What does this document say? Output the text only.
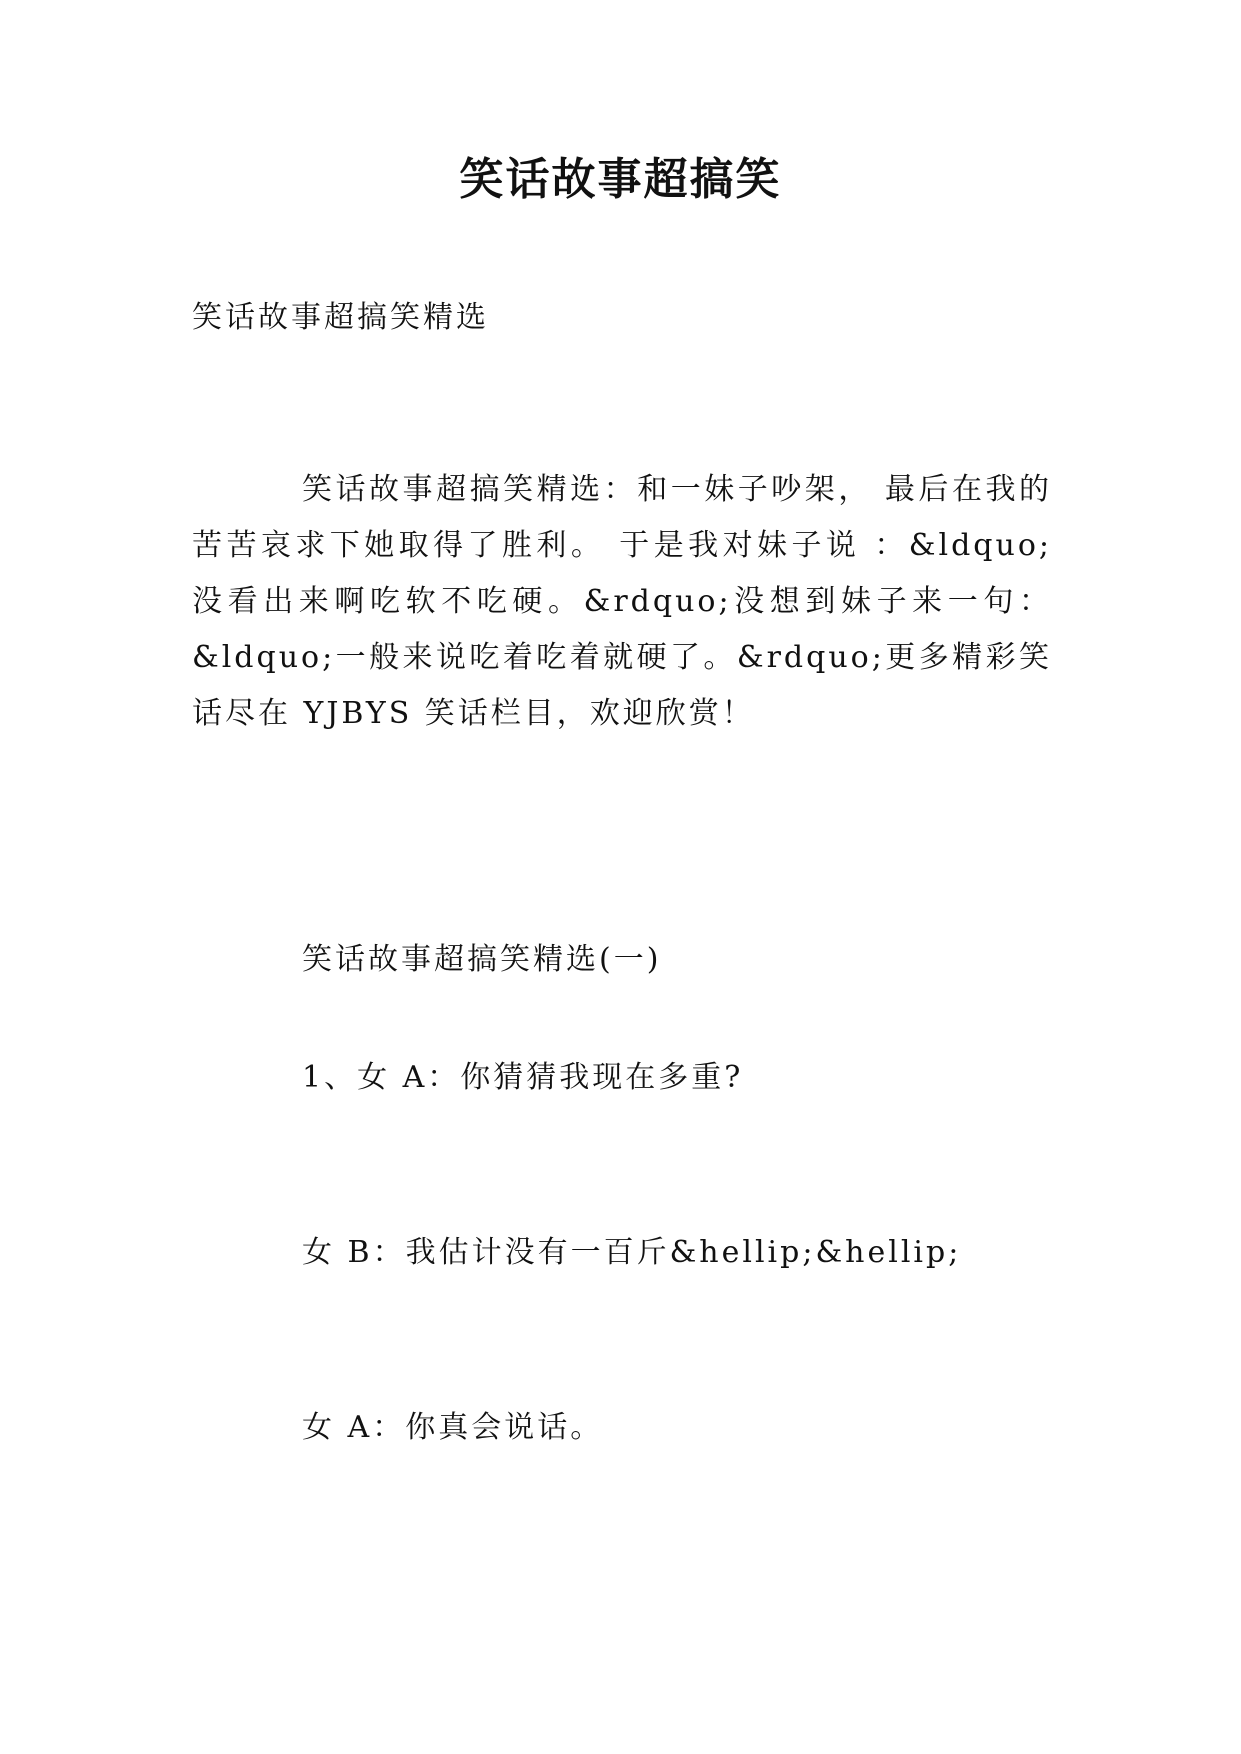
笑话故事超搞笑
笑话故事超搞笑精选
笑话故事超搞笑精选：和一妹子吵架， 最后在我的苦苦哀求下她取得了胜利。 于是我对妹子说 ：&ldquo;没看出来啊吃软不吃硬。&rdquo;没想到妹子来一句：&ldquo;一般来说吃着吃着就硬了。&rdquo;更多精彩笑话尽在 YJBYS 笑话栏目，欢迎欣赏！
笑话故事超搞笑精选(一)
1、女 A：你猜猜我现在多重?
女 B：我估计没有一百斤&hellip;&hellip;
女 A：你真会说话。
